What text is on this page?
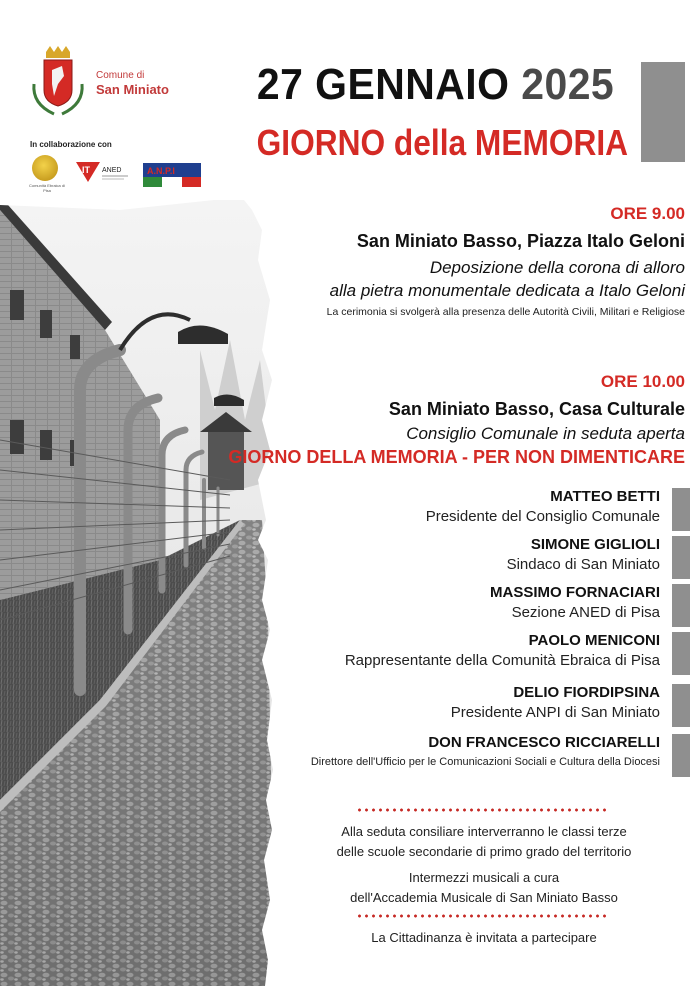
Comune di
San Miniato
In collaborazione con
Comunità Ebraica di Pisa
IT ANED	A.N.P.I
27 GENNAIO 2025
GIORNO della MEMORIA
ORE 9.00
San Miniato Basso, Piazza Italo Geloni
Deposizione della corona di alloro
alla pietra monumentale dedicata a Italo Geloni
La cerimonia si svolgerà alla presenza delle Autorità Civili, Militari e Religiose
ORE 10.00
San Miniato Basso, Casa Culturale
Consiglio Comunale in seduta aperta
GIORNO DELLA MEMORIA - PER NON DIMENTICARE
MATTEO BETTI
Presidente del Consiglio Comunale
SIMONE GIGLIOLI
Sindaco di San Miniato
MASSIMO FORNACIARI
Sezione ANED di Pisa
PAOLO MENICONI
Rappresentante della Comunità Ebraica di Pisa
DELIO FIORDIPSINA
Presidente ANPI di San Miniato
DON FRANCESCO RICCIARELLI
Direttore dell'Ufficio per le Comunicazioni Sociali e Cultura della Diocesi
Alla seduta consiliare interverranno le classi terze
delle scuole secondarie di primo grado del territorio
Intermezzi musicali a cura
dell'Accademia Musicale di San Miniato Basso
La Cittadinanza è invitata a partecipare
